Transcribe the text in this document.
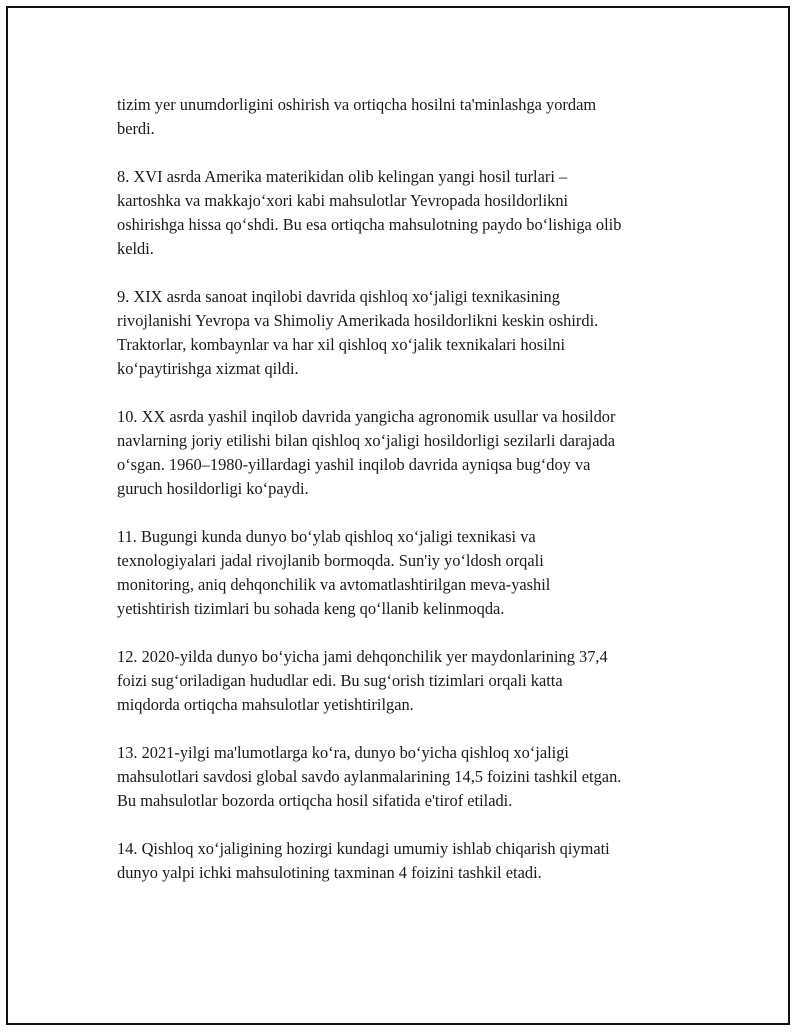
tizim yer unumdorligini oshirish va ortiqcha hosilni ta'minlashga yordam
berdi.

8. XVI asrda Amerika materikidan olib kelingan yangi hosil turlari –
kartoshka va makkajo‘xori kabi mahsulotlar Yevropada hosildorlikni
oshirishga hissa qo‘shdi. Bu esa ortiqcha mahsulotning paydo bo‘lishiga olib
keldi.

9. XIX asrda sanoat inqilobi davrida qishloq xo‘jaligi texnikasining
rivojlanishi Yevropa va Shimoliy Amerikada hosildorlikni keskin oshirdi.
Traktorlar, kombaynlar va har xil qishloq xo‘jalik texnikalari hosilni
ko‘paytirishga xizmat qildi.

10. XX asrda yashil inqilob davrida yangicha agronomik usullar va hosildor
navlarning joriy etilishi bilan qishloq xo‘jaligi hosildorligi sezilarli darajada
o‘sgan. 1960–1980-yillardagi yashil inqilob davrida ayniqsa bug‘doy va
guruch hosildorligi ko‘paydi.

11. Bugungi kunda dunyo bo‘ylab qishloq xo‘jaligi texnikasi va
texnologiyalari jadal rivojlanib bormoqda. Sun'iy yo‘ldosh orqali
monitoring, aniq dehqonchilik va avtomatlashtirilgan meva-yashil
yetishtirish tizimlari bu sohada keng qo‘llanib kelinmoqda.

12. 2020-yilda dunyo bo‘yicha jami dehqonchilik yer maydonlarining 37,4
foizi sug‘oriladigan hududlar edi. Bu sug‘orish tizimlari orqali katta
miqdorda ortiqcha mahsulotlar yetishtirilgan.

13. 2021-yilgi ma'lumotlarga ko‘ra, dunyo bo‘yicha qishloq xo‘jaligi
mahsulotlari savdosi global savdo aylanmalarining 14,5 foizini tashkil etgan.
Bu mahsulotlar bozorda ortiqcha hosil sifatida e'tirof etiladi.

14. Qishloq xo‘jaligining hozirgi kundagi umumiy ishlab chiqarish qiymati
dunyo yalpi ichki mahsulotining taxminan 4 foizini tashkil etadi.
